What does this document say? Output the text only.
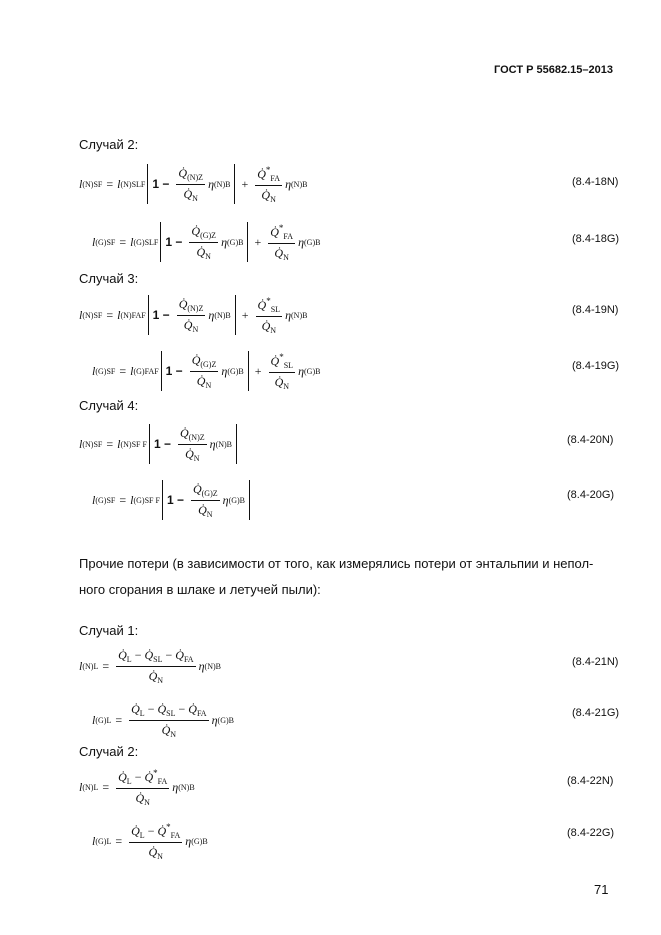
ГОСТ Р 55682.15–2013
Случай 2:
l (N)SF = l (N)SLF $1 - \frac{Q̇_{(N)Z}}{Q̇_N}$ η $(N)B + \frac{Q̇^*_{FA}}{Q̇_N}$ η (N)B	(8.4-18N)
l (G)SF = l (G)SLF $1 - \frac{Q̇_{(G)Z}}{Q̇_N}$ η $(G)B + \frac{Q̇^*_{FA}}{Q̇_N}$ η (G)B	(8.4-18G)
Случай 3:
l (N)SF = l (N)FAF $1 - \frac{Q̇_{(N)Z}}{Q̇_N}$ η $(N)B + \frac{Q̇^*_{SL}}{Q̇_N}$ η (N)B	(8.4-19N)
l (G)SF = l (G)FAF $1 - \frac{Q̇_{(G)Z}}{Q̇_N}$ η $(G)B + \frac{Q̇^*_{SL}}{Q̇_N}$ η (G)B	(8.4-19G)
Случай 4:
l (N)SF = l (N)SF F $1 - \frac{Q̇_{(N)Z}}{Q̇_N}$ η (N)B	(8.4-20N)
l (G)SF = l (G)SF F $1 - \frac{Q̇_{(G)Z}}{Q̇_N}$ η (G)B	(8.4-20G)
Прочие потери (в зависимости от того, как измерялись потери от энтальпии и непол-
ного сгорания в шлаке и летучей пыли):
Случай 1:
l $(N)L = \frac{Q̇_L - Q̇_{SL} - Q̇_{FA}}{Q̇_N}$ η (N)B	(8.4-21N)
l $(G)L = \frac{Q̇_L - Q̇_{SL} - Q̇_{FA}}{Q̇_N}$ η (G)B
(8.4-21G)
Случай 2:
l $(N)L = \frac{Q̇_L - Q̇^*_{FA}}{Q̇_N}$ η (N)B
(8.4-22N)
l $(G)L = \frac{Q̇_L - Q̇^*_{FA}}{Q̇_N}$ η (G)B
(8.4-22G)
71
